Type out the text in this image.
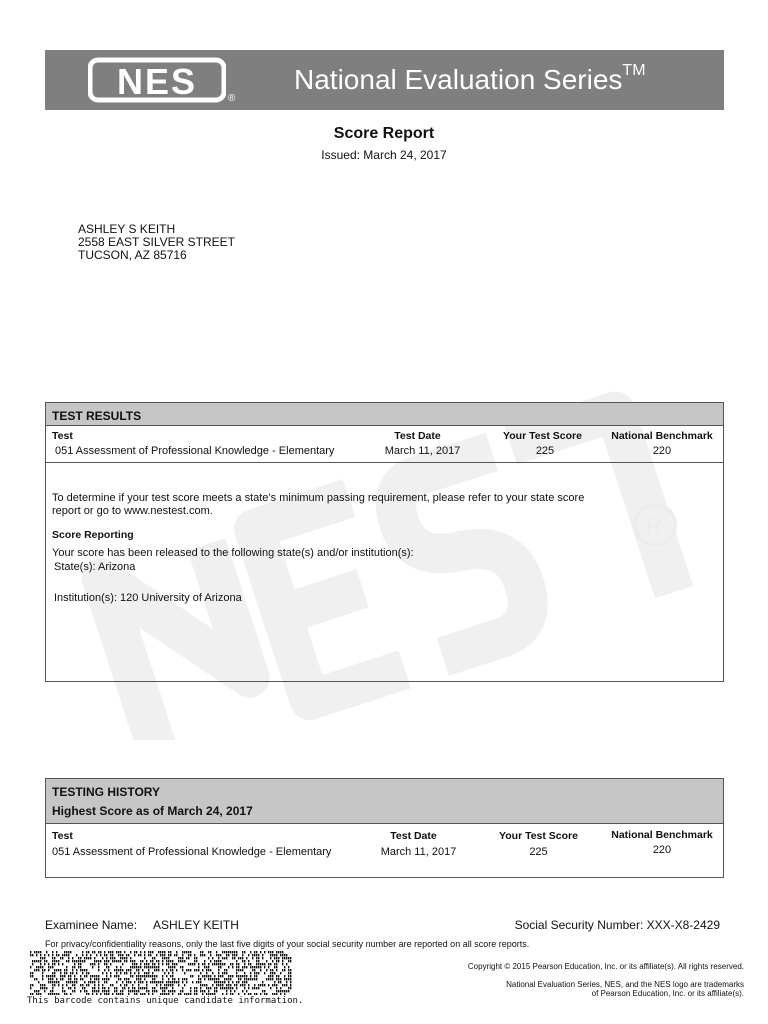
R
NES	®
National Evaluation Series™
Score Report
Issued: March 24, 2017
ASHLEY S KEITH
2558 EAST SILVER STREET
TUCSON, AZ 85716
TEST RESULTS
Test	Test Date	Your Test Score	National Benchmark
051 Assessment of Professional Knowledge - Elementary	March 11, 2017	225	220
To determine if your test score meets a state’s minimum passing requirement, please refer to your state score
report or go to www.nestest.com.
Score Reporting
Your score has been released to the following state(s) and/or institution(s):
State(s): Arizona
Institution(s): 120 University of Arizona
TESTING HISTORY
Highest Score as of March 24, 2017
Test	Test Date	Your Test Score	National Benchmark
051 Assessment of Professional Knowledge - Elementary	March 11, 2017	225	220
Examinee Name: ASHLEY KEITH	Social Security Number: XXX-X8-2429
For privacy/confidentiality reasons, only the last five digits of your social security number are reported on all score reports.
This barcode contains unique candidate information.
Copyright © 2015 Pearson Education, Inc. or its affiliate(s). All rights reserved.
National Evaluation Series, NES, and the NES logo are trademarks
of Pearson Education, Inc. or its affiliate(s).
